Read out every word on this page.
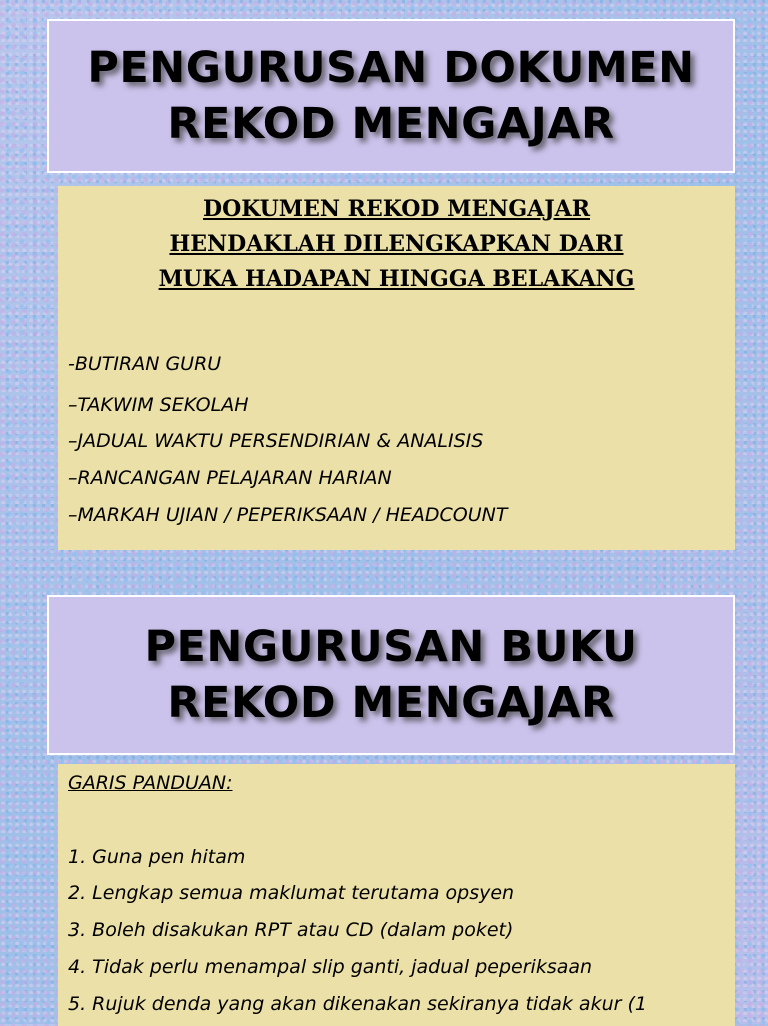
PENGURUSAN DOKUMEN
REKOD MENGAJAR
DOKUMEN REKOD MENGAJAR
HENDAKLAH DILENGKAPKAN DARI
MUKA HADAPAN HINGGA BELAKANG
-BUTIRAN GURU
–TAKWIM SEKOLAH
–JADUAL WAKTU PERSENDIRIAN & ANALISIS
–RANCANGAN PELAJARAN HARIAN
–MARKAH UJIAN / PEPERIKSAAN / HEADCOUNT
PENGURUSAN BUKU
REKOD MENGAJAR
GARIS PANDUAN:
1. Guna pen hitam
2. Lengkap semua maklumat terutama opsyen
3. Boleh disakukan RPT atau CD (dalam poket)
4. Tidak perlu menampal slip ganti, jadual peperiksaan
5. Rujuk denda yang akan dikenakan sekiranya tidak akur (1
